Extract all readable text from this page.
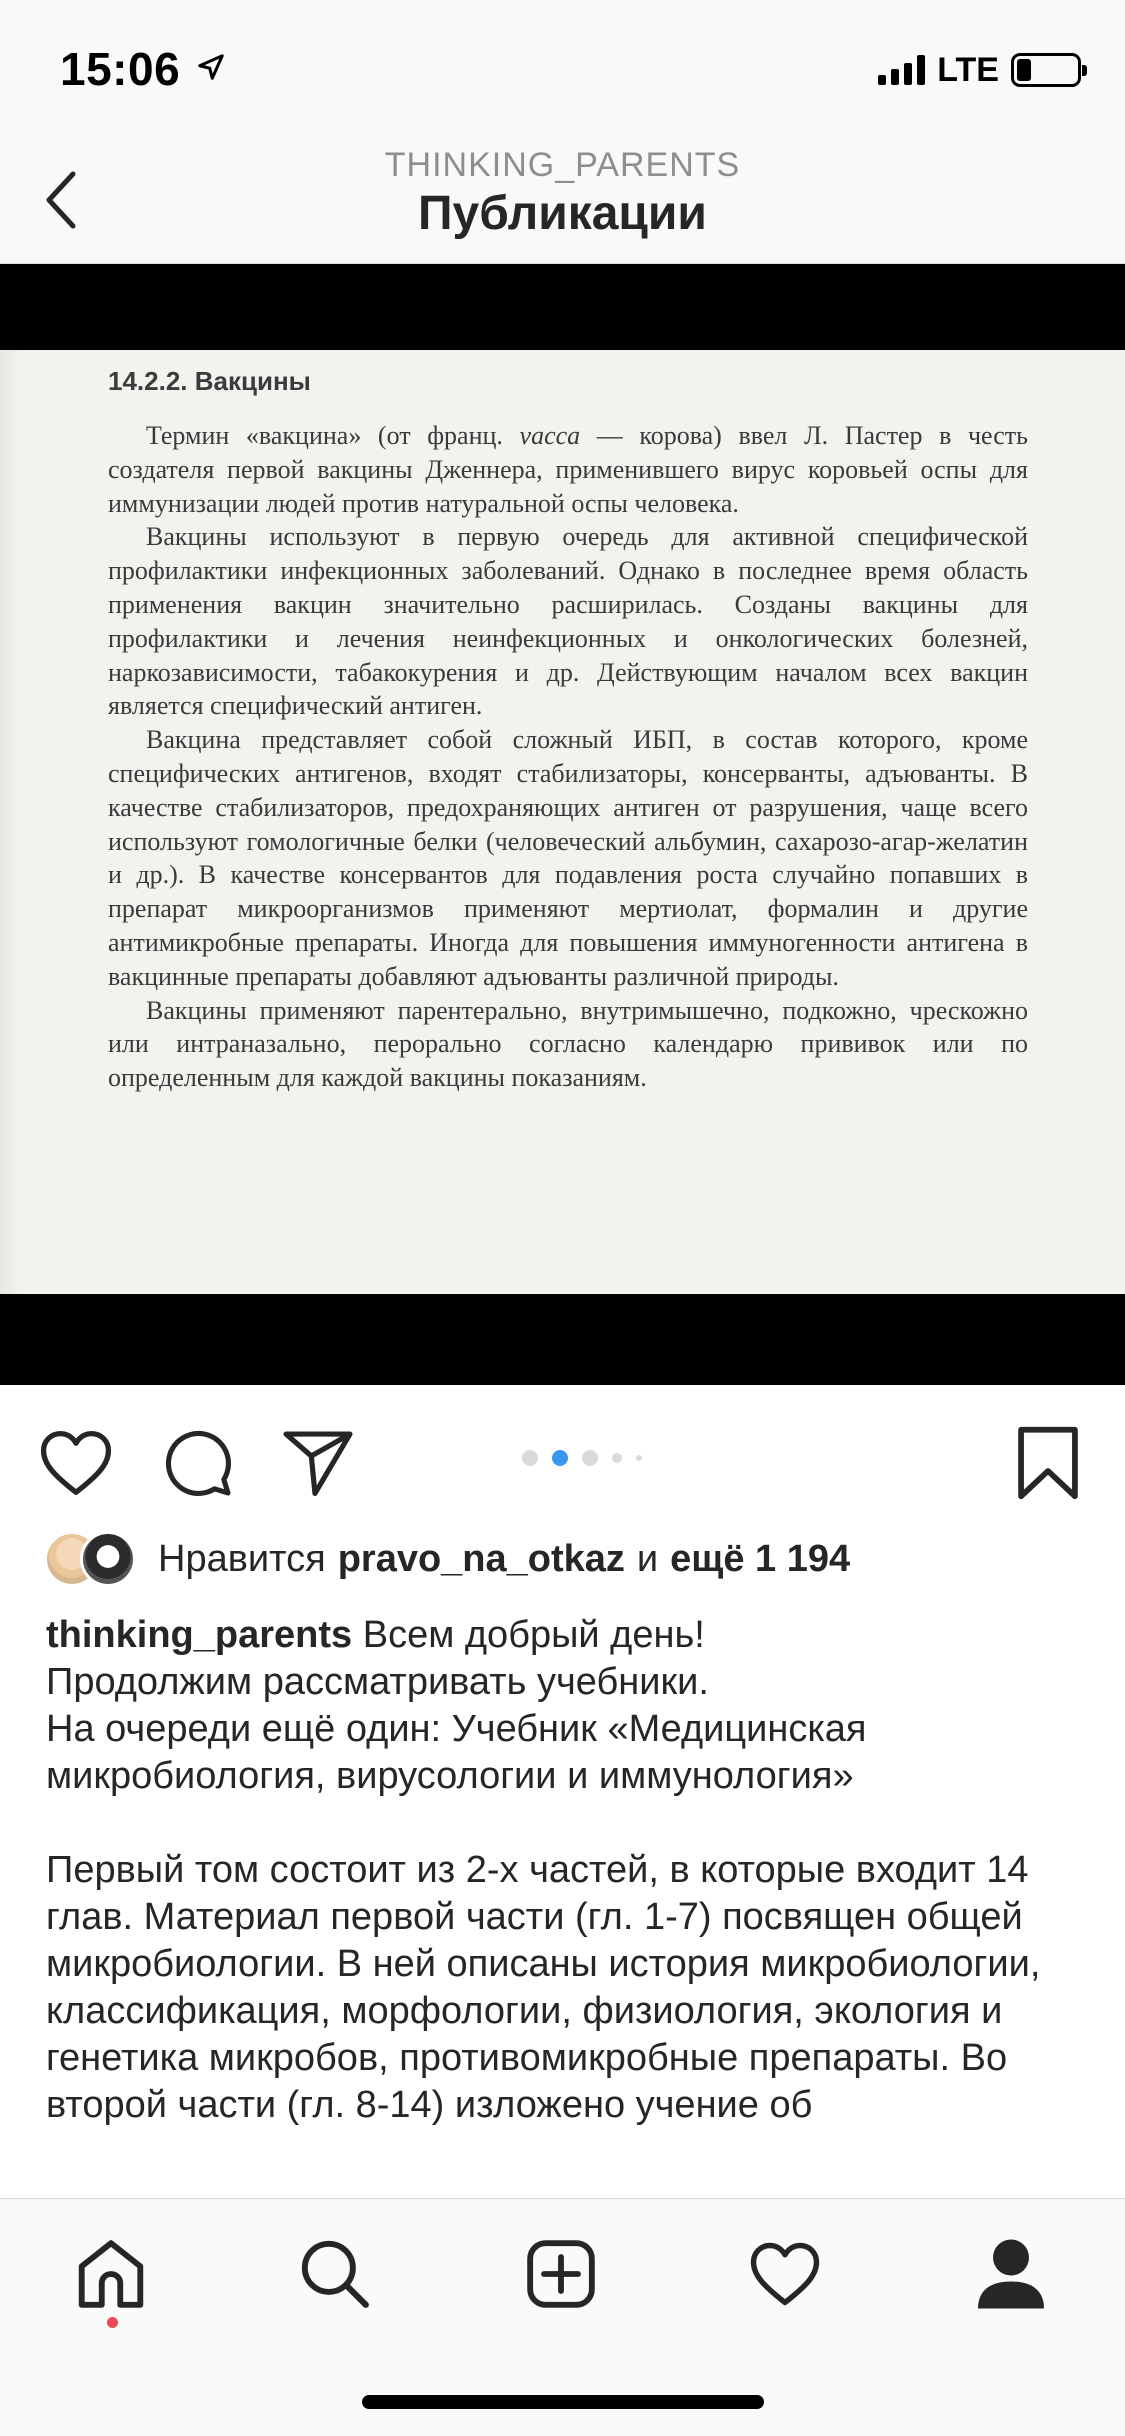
15:06	LTE
THINKING_PARENTS
Публикации
14.2.2. Вакцины

Термин «вакцина» (от франц. vacca — корова) ввел Л. Пастер в честь создателя первой вакцины Дженнера, применившего вирус коровьей оспы для иммунизации людей против натуральной оспы человека.

Вакцины используют в первую очередь для активной специфической профилактики инфекционных заболеваний. Однако в последнее время область применения вакцин значительно расширилась. Созданы вакцины для профилактики и лечения неинфекционных и онкологических болезней, наркозависимости, табакокурения и др. Действующим началом всех вакцин является специфический антиген.

Вакцина представляет собой сложный ИБП, в состав которого, кроме специфических антигенов, входят стабилизаторы, консерванты, адъюванты. В качестве стабилизаторов, предохраняющих антиген от разрушения, чаще всего используют гомологичные белки (человеческий альбумин, сахарозо-агар-желатин и др.). В качестве консервантов для подавления роста случайно попавших в препарат микроорганизмов применяют мертиолат, формалин и другие антимикробные препараты. Иногда для повышения иммуногенности антигена в вакцинные препараты добавляют адъюванты различной природы.

Вакцины применяют парентерально, внутримышечно, подкожно, чрескожно или интраназально, перорально согласно календарю прививок или по определенным для каждой вакцины показаниям.

Нравится pravo_na_otkaz и ещё 1 194

thinking_parents Всем добрый день!

Продолжим рассматривать учебники.

На очереди ещё один: Учебник «Медицинская микробиология, вирусологии и иммунология»

Первый том состоит из 2-х частей, в которые входит 14 глав. Материал первой части (гл. 1-7) посвящен общей микробиологии. В ней описаны история микробиологии, классификация, морфологии, физиология, экология и генетика микробов, противомикробные препараты. Во второй части (гл. 8-14) изложено учение об
